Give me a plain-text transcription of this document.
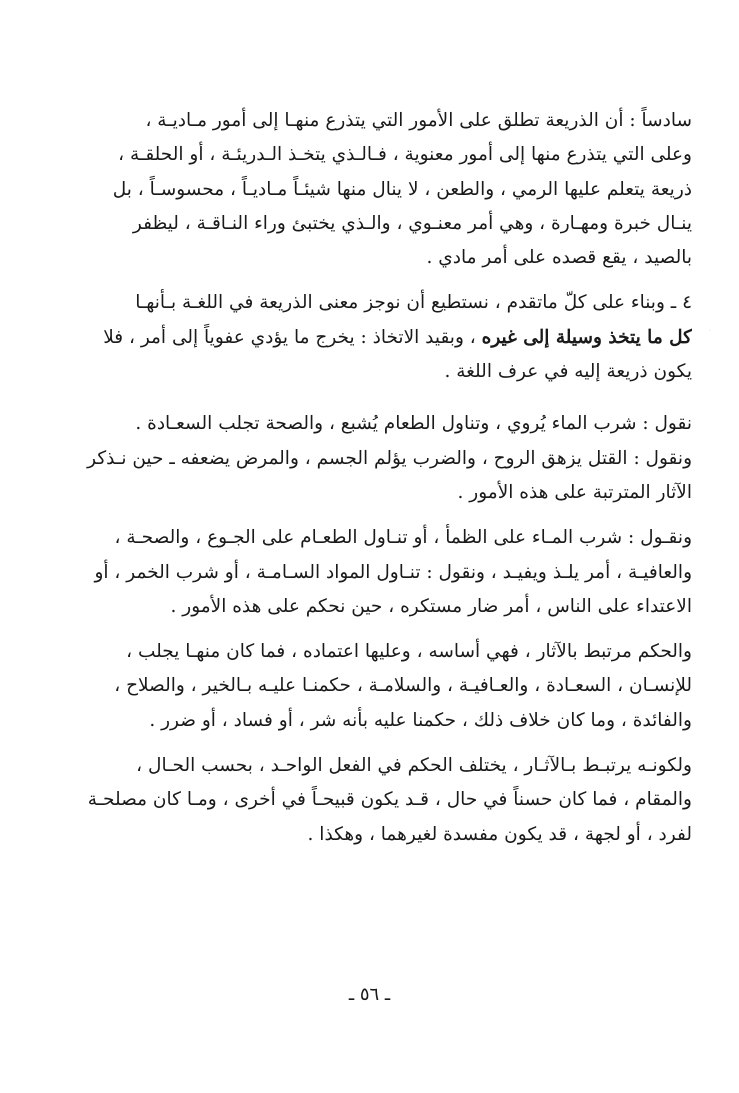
سادساً : أن الذريعة تطلق على الأمور التي يتذرع منهـا إلى أمور مـاديـة ،
وعلى التي يتذرع منها إلى أمور معنوية ، فـالـذي يتخـذ الـدريئـة ، أو الحلقـة ،
ذريعة يتعلم عليها الرمي ، والطعن ، لا ينال منها شيئـاً مـاديـاً ، محسوسـاً ، بل
ينـال خبرة ومهـارة ، وهي أمر معنـوي ، والـذي يختبئ وراء النـاقـة ، ليظفر
بالصيد ، يقع قصده على أمر مادي .

٤ ـ وبناء على كلّ ماتقدم ، نستطيع أن نوجز معنى الذريعة في اللغـة بـأنهـا
كل ما يتخذ وسيلة إلى غيره ، وبقيد الاتخاذ : يخرج ما يؤدي عفوياً إلى أمر ، فلا
يكون ذريعة إليه في عرف اللغة .

نقول : شرب الماء يُروي ، وتناول الطعام يُشبع ، والصحة تجلب السعـادة .
ونقول : القتل يزهق الروح ، والضرب يؤلم الجسم ، والمرض يضعفه ـ حين نـذكر
الآثار المترتبة على هذه الأمور .

ونقـول : شرب المـاء على الظمأ ، أو تنـاول الطعـام على الجـوع ، والصحـة ،
والعافيـة ، أمر يلـذ ويفيـد ، ونقول : تنـاول المواد السـامـة ، أو شرب الخمر ، أو
الاعتداء على الناس ، أمر ضار مستكره ، حين نحكم على هذه الأمور .

والحكم مرتبط بالآثار ، فهي أساسه ، وعليها اعتماده ، فما كان منهـا يجلب ،
للإنسـان ، السعـادة ، والعـافيـة ، والسلامـة ، حكمنـا عليـه بـالخير ، والصلاح ،
والفائدة ، وما كان خلاف ذلك ، حكمنا عليه بأنه شر ، أو فساد ، أو ضرر .

ولكونـه يرتبـط بـالآثـار ، يختلف الحكم في الفعل الواحـد ، بحسب الحـال ،
والمقام ، فما كان حسناً في حال ، قـد يكون قبيحـاً في أخرى ، ومـا كان مصلحـة
لفرد ، أو لجهة ، قد يكون مفسدة لغيرهما ، وهكذا .

ـ ٥٦ ـ
